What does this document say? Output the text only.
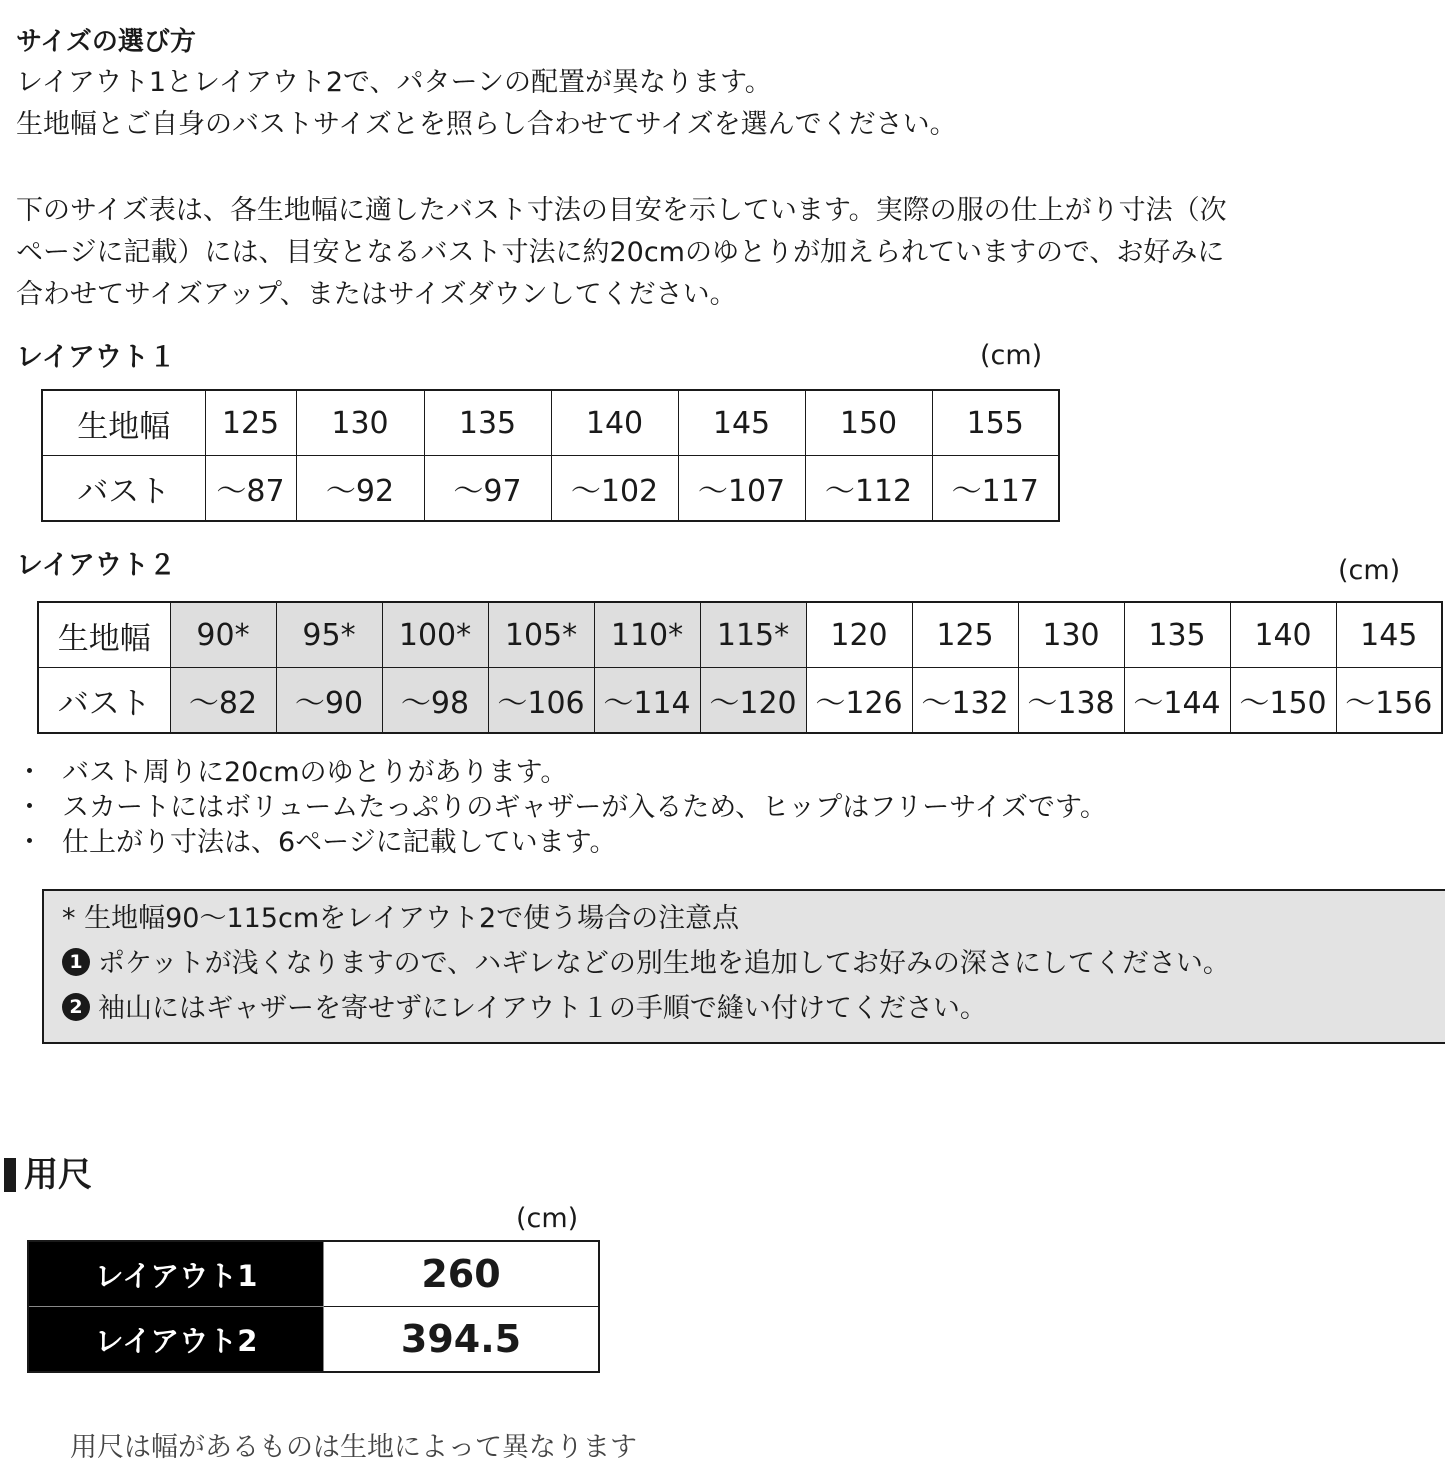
サイズの選び方
レイアウト1とレイアウト2で、パターンの配置が異なります。
生地幅とご自身のバストサイズとを照らし合わせてサイズを選んでください。
下のサイズ表は、各生地幅に適したバスト寸法の目安を示しています。実際の服の仕上がり寸法（次
ページに記載）には、目安となるバスト寸法に約20cmのゆとりが加えられていますので、お好みに
合わせてサイズアップ、またはサイズダウンしてください。
レイアウト１	(cm)
生地幅	125	130	135	140	145	150	155
バスト	～87	～92	～97	～102	～107	～112	～117
レイアウト２	(cm)
生地幅	90*	95*	100*	105*	110*	115*	120	125	130	135	140	145
バスト	～82	～90	～98	～106	～114	～120	～126	～132	～138	～144	～150	～156
・ バスト周りに20cmのゆとりがあります。
・ スカートにはボリュームたっぷりのギャザーが入るため、ヒップはフリーサイズです。
・ 仕上がり寸法は、6ページに記載しています。
* 生地幅90～115cmをレイアウト2で使う場合の注意点
1 ポケットが浅くなりますので、ハギレなどの別生地を追加してお好みの深さにしてください。
2 袖山にはギャザーを寄せずにレイアウト１の手順で縫い付けてください。
用尺
(cm)
レイアウト1	260
レイアウト2	394.5
用尺は幅があるものは生地によって異なります
